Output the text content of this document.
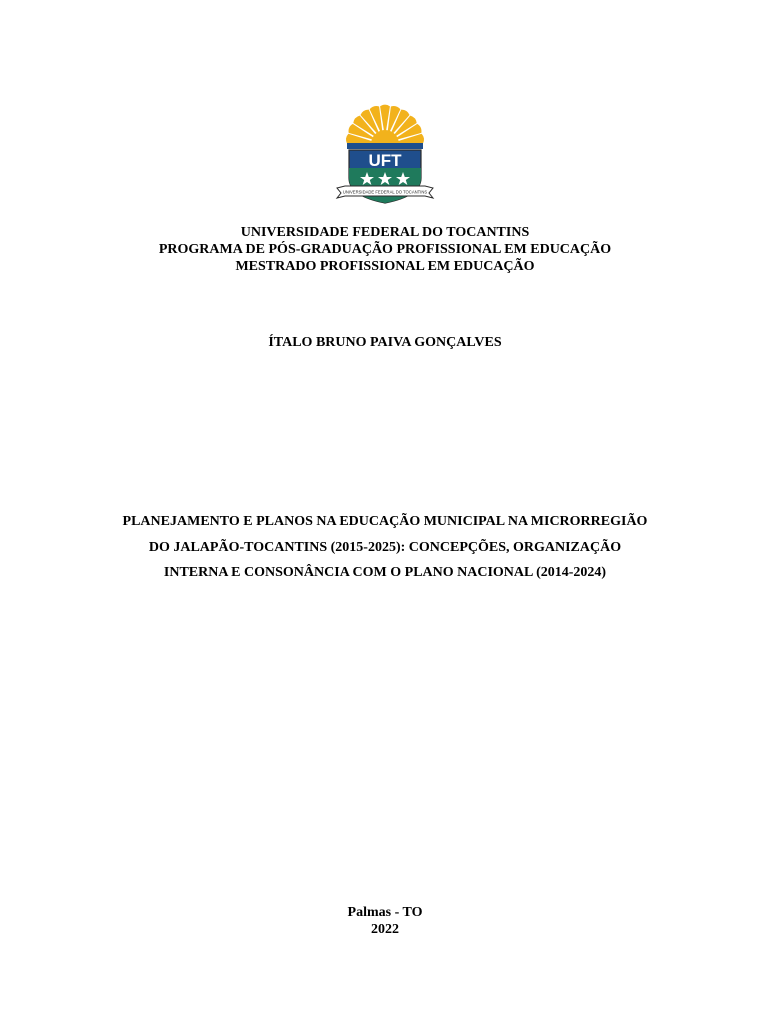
UFT
UNIVERSIDADE FEDERAL DO TOCANTINS
UNIVERSIDADE FEDERAL DO TOCANTINS
PROGRAMA DE PÓS-GRADUAÇÃO PROFISSIONAL EM EDUCAÇÃO
MESTRADO PROFISSIONAL EM EDUCAÇÃO
ÍTALO BRUNO PAIVA GONÇALVES
PLANEJAMENTO E PLANOS NA EDUCAÇÃO MUNICIPAL NA MICRORREGIÃO
DO JALAPÃO-TOCANTINS (2015-2025): CONCEPÇÕES, ORGANIZAÇÃO
INTERNA E CONSONÂNCIA COM O PLANO NACIONAL (2014-2024)
Palmas - TO
2022
